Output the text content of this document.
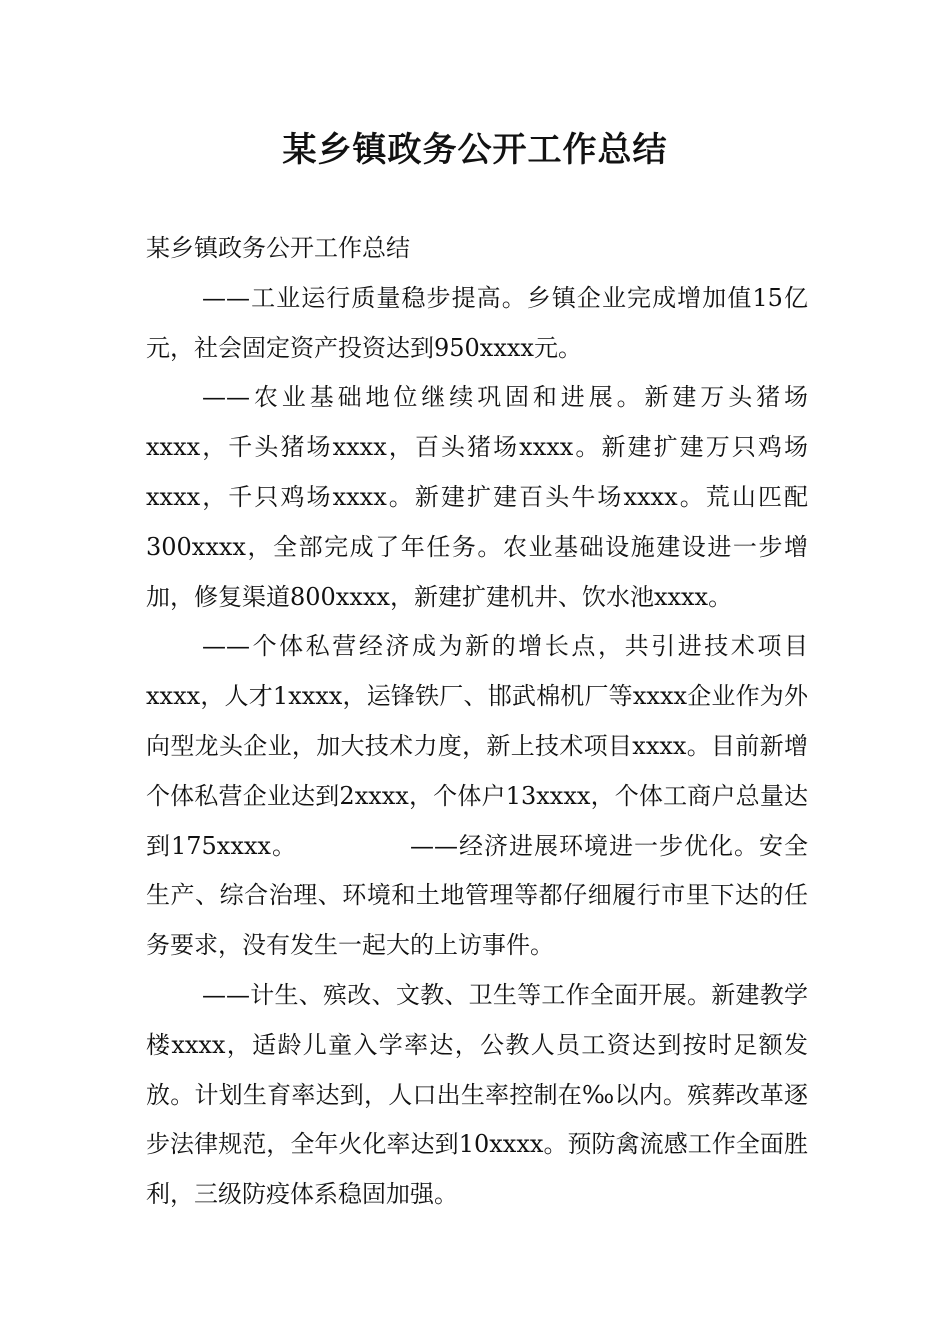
某乡镇政务公开工作总结

某乡镇政务公开工作总结

——工业运行质量稳步提高。乡镇企业完成增加值15亿元，社会固定资产投资达到950xxxx元。

——农业基础地位继续巩固和进展。新建万头猪场xxxx，千头猪场xxxx，百头猪场xxxx。新建扩建万只鸡场xxxx，千只鸡场xxxx。新建扩建百头牛场xxxx。荒山匹配300xxxx，全部完成了年任务。农业基础设施建设进一步增加，修复渠道800xxxx，新建扩建机井、饮水池xxxx。

——个体私营经济成为新的增长点，共引进技术项目xxxx，人才1xxxx，运锋铁厂、邯武棉机厂等xxxx企业作为外向型龙头企业，加大技术力度，新上技术项目xxxx。目前新增个体私营企业达到2xxxx，个体户13xxxx，个体工商户总量达到175xxxx。　　　　　——经济进展环境进一步优化。安全生产、综合治理、环境和土地管理等都仔细履行市里下达的任务要求，没有发生一起大的上访事件。

——计生、殡改、文教、卫生等工作全面开展。新建教学楼xxxx，适龄儿童入学率达，公教人员工资达到按时足额发放。计划生育率达到，人口出生率控制在‰以内。殡葬改革逐步法律规范，全年火化率达到10xxxx。预防禽流感工作全面胜利，三级防疫体系稳固加强。
